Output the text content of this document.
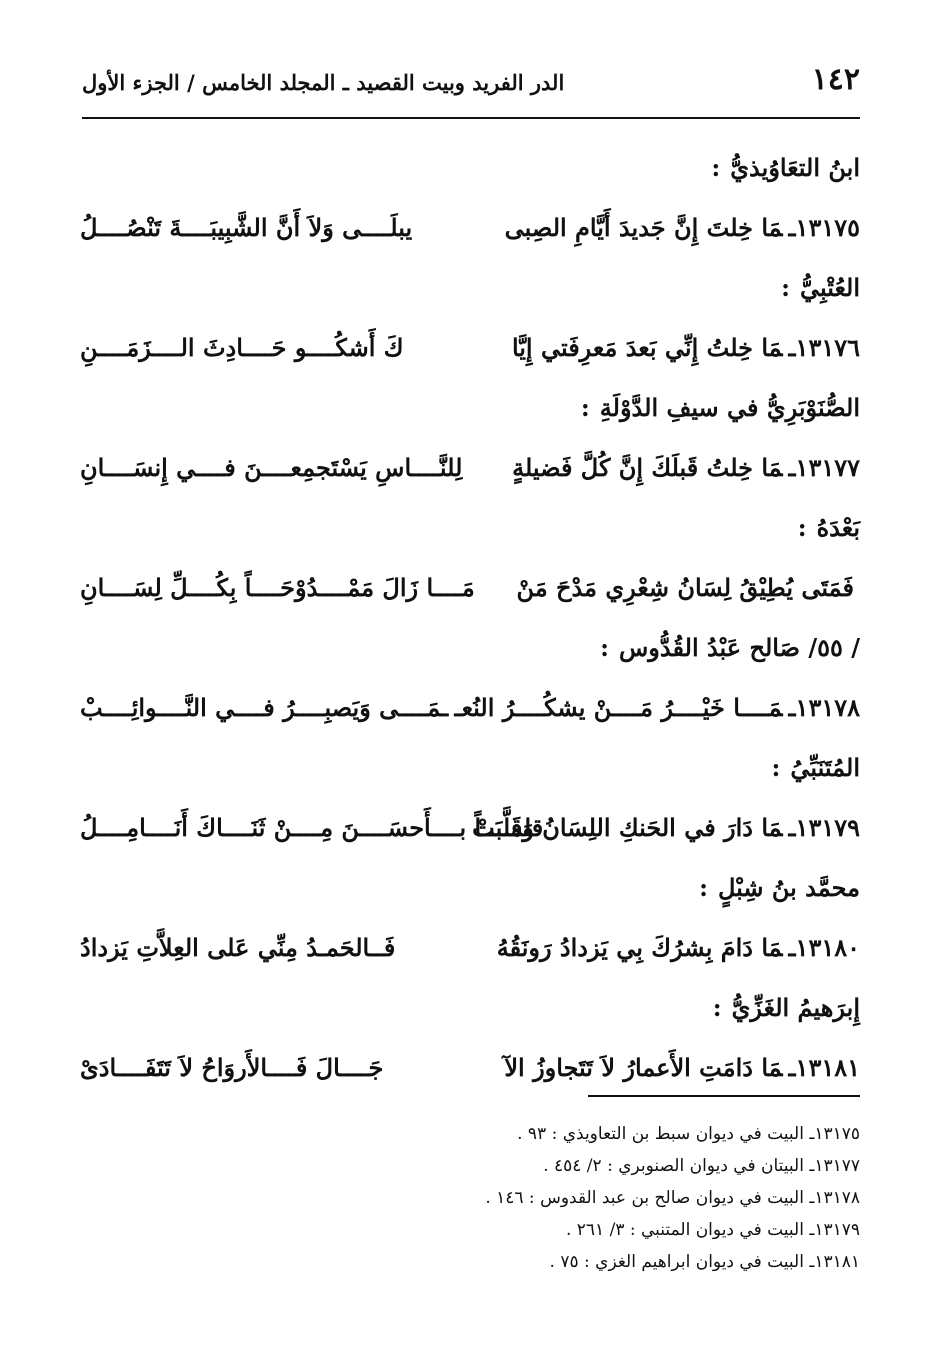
١٤٢
الدر الفريد وبيت القصيد ـ المجلد الخامس / الجزء الأول
ابنُ التعَاوُيذيُّ:
١٣١٧٥ـمَا خِلتَ إِنَّ جَديدَ أَيَّامِ الصِبى
يبلَــــى وَلاَ أَنَّ الشَّبِيبَــــةَ تَنْصُــــلُ
العُتْبِيُّ:
١٣١٧٦ـمَا خِلتُ إِنِّي بَعدَ مَعرِفَتي إِيَّا
كَ أَشكُــــو حَــــادِثَ الــــزَمَــــنِ
الصُّنَوْبَرِيُّ في سيفِ الدَّوْلَةِ:
١٣١٧٧ـمَا خِلتُ قَبلَكَ إِنَّ كُلَّ فَضيلةٍ
لِلنَّــــاسِ يَسْتَجمِعــــنَ فــــي إِنسَــــانِ
بَعْدَهُ:
فَمَتَى يُطِيْقُ لِسَانُ شِعْرِي مَدْحَ مَنْ
مَــــا زَالَ مَمْــــدُوْحَــــاً بِكُــــلِّ لِسَــــانِ
/ ٥٥/ صَالح عَبْدُ القُدُّوس:
١٣١٧٨ـمَــــا خَيْــــرُ مَــــنْ يشكُــــرُ النُعـ
ـمَــــى وَيَصبِــــرُ فــــي النَّــــوائِــــبْ
المُتَنَبِّيُ:
١٣١٧٩ـمَا دَارَ في الحَنكِ اللِسَانُ وَقَلَّبَتْ
قلمــــاً بــــأَحسَــــنَ مِــــنْ ثَنَــــاكَ أَنَــــامِــــلُ
محمَّد بنُ شِبْلٍ:
١٣١٨٠ـمَا دَامَ بِشرُكَ بِي يَزدادُ رَونَقُهُ
فَــالحَمـدُ مِنِّي عَلى العِلاَّتِ يَزدادُ
إِبرَهيمُ الغَزِّيُّ:
١٣١٨١ـمَا دَامَتِ الأَعمارُ لاَ تَتَجاوزُ الآ
جَــــالَ فَــــالأَروَاحُ لاَ تَتَفَــــادَىْ
١٣١٧٥ـ البيت في ديوان سبط بن التعاويذي : ٩٣ .
١٣١٧٧ـ البيتان في ديوان الصنوبري : ٢/ ٤٥٤ .
١٣١٧٨ـ البيت في ديوان صالح بن عبد القدوس : ١٤٦ .
١٣١٧٩ـ البيت في ديوان المتنبي : ٣/ ٢٦١ .
١٣١٨١ـ البيت في ديوان ابراهيم الغزي : ٧٥ .
